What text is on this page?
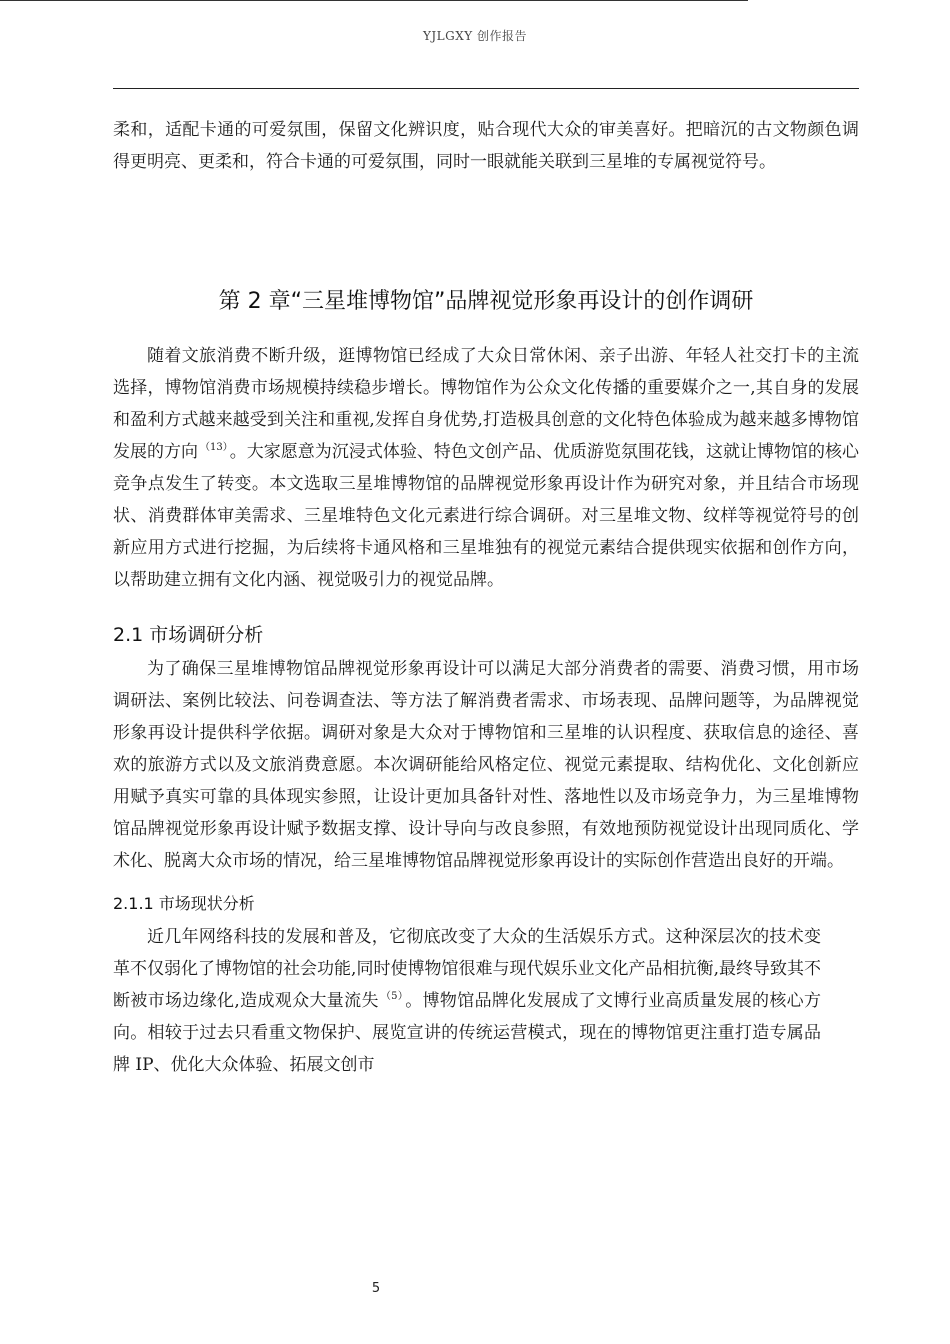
YJLGXY 创作报告

柔和，适配卡通的可爱氛围，保留文化辨识度，贴合现代大众的审美喜好。把暗沉的古文物颜色调得更明亮、更柔和，符合卡通的可爱氛围，同时一眼就能关联到三星堆的专属视觉符号。

第 2 章“三星堆博物馆”品牌视觉形象再设计的创作调研

随着文旅消费不断升级，逛博物馆已经成了大众日常休闲、亲子出游、年轻人社交打卡的主流选择，博物馆消费市场规模持续稳步增长。博物馆作为公众文化传播的重要媒介之一,其自身的发展和盈利方式越来越受到关注和重视,发挥自身优势,打造极具创意的文化特色体验成为越来越多博物馆发展的方向 $^{(13)}$ 。大家愿意为沉浸式体验、特色文创产品、优质游览氛围花钱，这就让博物馆的核心竞争点发生了转变。本文选取三星堆博物馆的品牌视觉形象再设计作为研究对象，并且结合市场现状、消费群体审美需求、三星堆特色文化元素进行综合调研。对三星堆文物、纹样等视觉符号的创新应用方式进行挖掘，为后续将卡通风格和三星堆独有的视觉元素结合提供现实依据和创作方向，以帮助建立拥有文化内涵、视觉吸引力的视觉品牌。

2.1 市场调研分析

为了确保三星堆博物馆品牌视觉形象再设计可以满足大部分消费者的需要、消费习惯，用市场调研法、案例比较法、问卷调查法、等方法了解消费者需求、市场表现、品牌问题等，为品牌视觉形象再设计提供科学依据。调研对象是大众对于博物馆和三星堆的认识程度、获取信息的途径、喜欢的旅游方式以及文旅消费意愿。本次调研能给风格定位、视觉元素提取、结构优化、文化创新应用赋予真实可靠的具体现实参照，让设计更加具备针对性、落地性以及市场竞争力，为三星堆博物馆品牌视觉形象再设计赋予数据支撑、设计导向与改良参照，有效地预防视觉设计出现同质化、学术化、脱离大众市场的情况，给三星堆博物馆品牌视觉形象再设计的实际创作营造出良好的开端。

2.1.1 市场现状分析

近几年网络科技的发展和普及，它彻底改变了大众的生活娱乐方式。这种深层次的技术变革不仅弱化了博物馆的社会功能,同时使博物馆很难与现代娱乐业文化产品相抗衡,最终导致其不断被市场边缘化,造成观众大量流失 $^{(5)}$ 。博物馆品牌化发展成了文博行业高质量发展的核心方向。相较于过去只看重文物保护、展览宣讲的传统运营模式，现在的博物馆更注重打造专属品牌 IP、优化大众体验、拓展文创市

5
